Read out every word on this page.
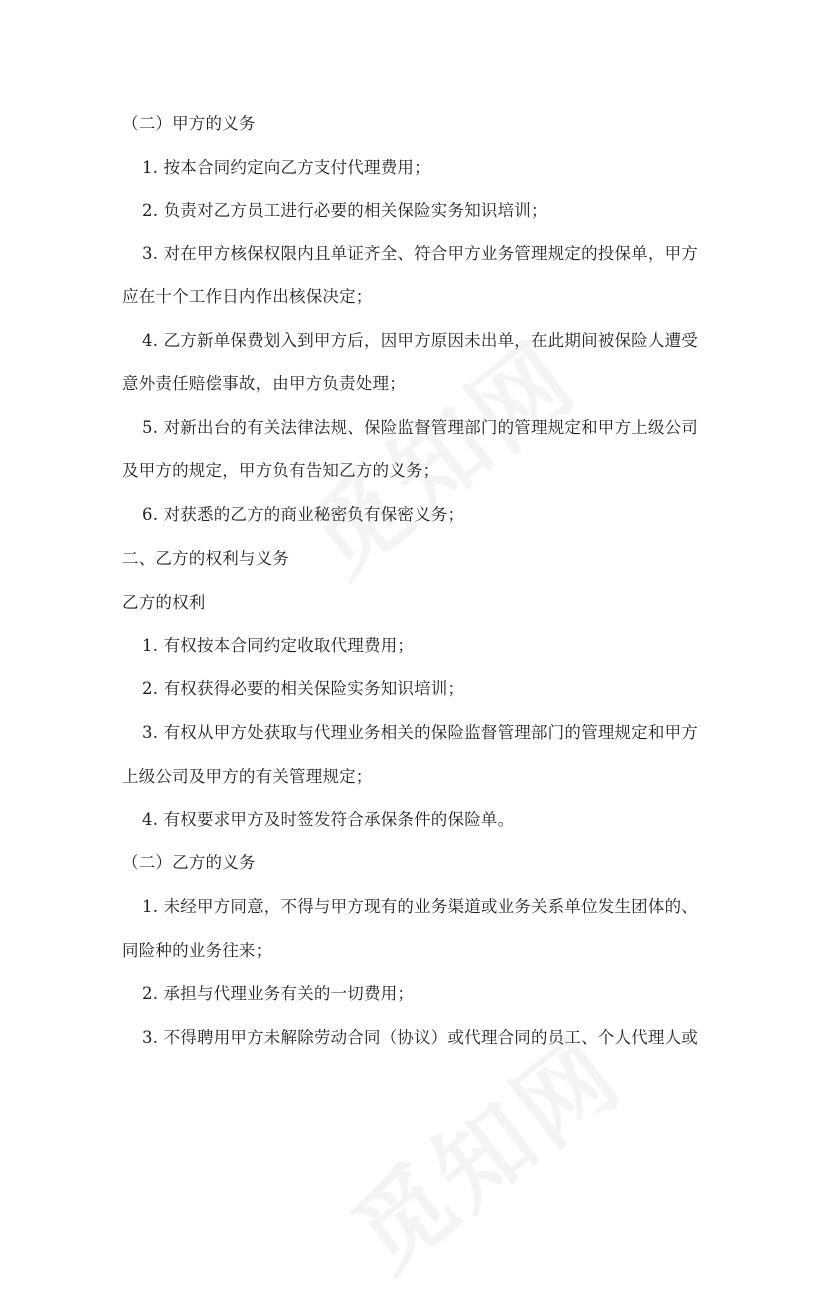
（二）甲方的义务
1. 按本合同约定向乙方支付代理费用；
2. 负责对乙方员工进行必要的相关保险实务知识培训；
3. 对在甲方核保权限内且单证齐全、符合甲方业务管理规定的投保单，甲方
应在十个工作日内作出核保决定；
4. 乙方新单保费划入到甲方后，因甲方原因未出单，在此期间被保险人遭受
意外责任赔偿事故，由甲方负责处理；
5. 对新出台的有关法律法规、保险监督管理部门的管理规定和甲方上级公司
及甲方的规定，甲方负有告知乙方的义务；
6. 对获悉的乙方的商业秘密负有保密义务；
二、乙方的权利与义务
乙方的权利
1. 有权按本合同约定收取代理费用；
2. 有权获得必要的相关保险实务知识培训；
3. 有权从甲方处获取与代理业务相关的保险监督管理部门的管理规定和甲方
上级公司及甲方的有关管理规定；
4. 有权要求甲方及时签发符合承保条件的保险单。
（二）乙方的义务
1. 未经甲方同意，不得与甲方现有的业务渠道或业务关系单位发生团体的、
同险种的业务往来；
2. 承担与代理业务有关的一切费用；
3. 不得聘用甲方未解除劳动合同（协议）或代理合同的员工、个人代理人或
